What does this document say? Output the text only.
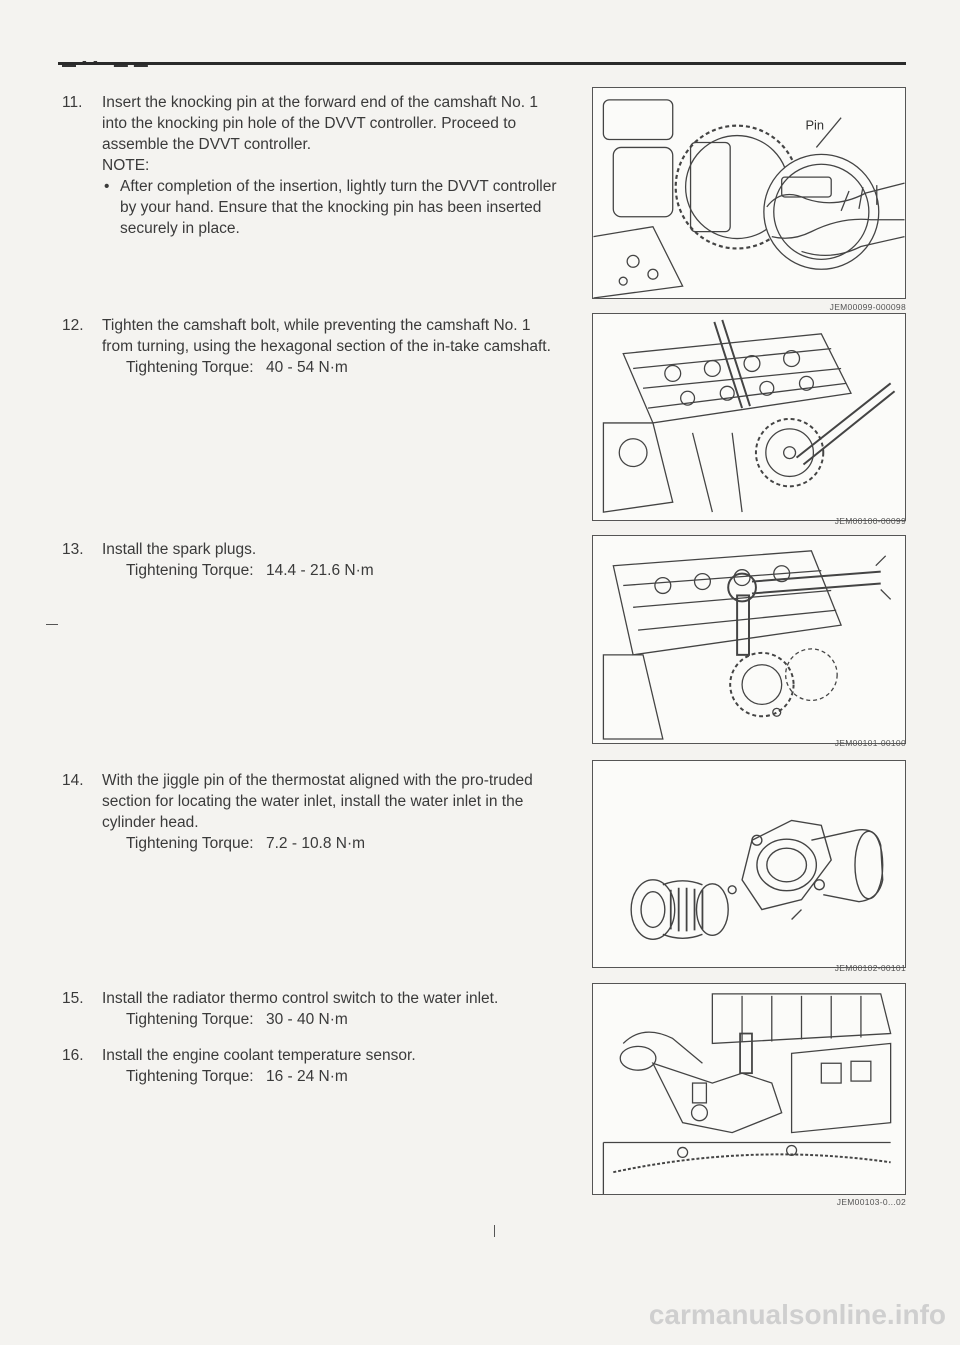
11.	Insert the knocking pin at the forward end of the camshaft No. 1 into the knocking pin hole of the DVVT controller. Proceed to assemble the DVVT controller.
NOTE:
• After completion of the insertion, lightly turn the DVVT controller by your hand. Ensure that the knocking pin has been inserted securely in place.
12. Tighten the camshaft bolt, while preventing the camshaft No. 1 from turning, using the hexagonal section of the in-take camshaft.
Tightening Torque: 40 - 54 N·m
13. Install the spark plugs.
Tightening Torque: 14.4 - 21.6 N·m
14. With the jiggle pin of the thermostat aligned with the pro-truded section for locating the water inlet, install the water inlet in the cylinder head.
Tightening Torque: 7.2 - 10.8 N·m
15. Install the radiator thermo control switch to the water inlet.
Tightening Torque: 30 - 40 N·m
16. Install the engine coolant temperature sensor.
Tightening Torque: 16 - 24 N·m
Pin
JEM00099-000098
JEM00100-00099
JEM00101-00100
JEM00102-00101
JEM00103-0...02
carmanualsonline.info
